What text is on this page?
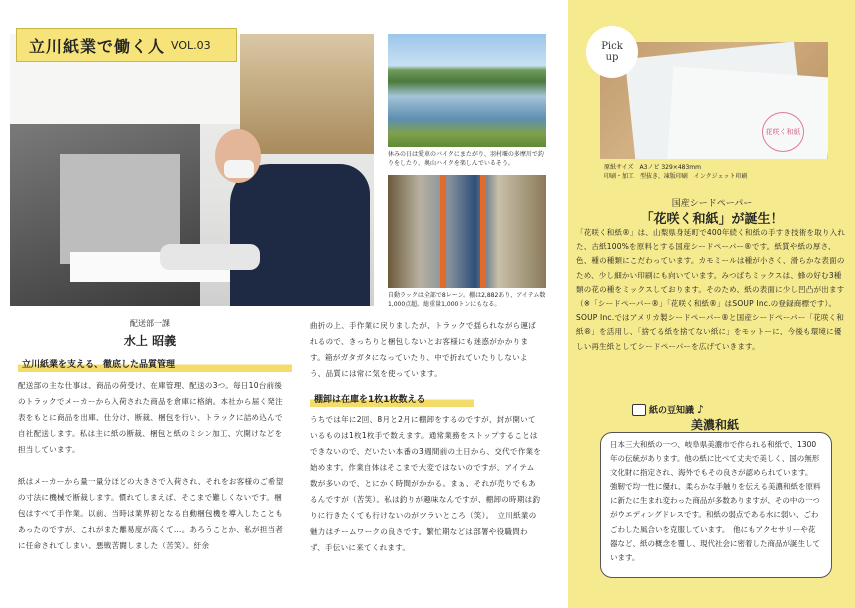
立川紙業で働く人 VOL.03
休みの日は愛車のバイクにまたがり、羽村堰の多摩川で釣りをしたり、奥山ハイクを楽しんでいるそう。
自動ラックは全部で8レーン。棚は2,882あり、アイテム数1,000点超。総重量1,000トンにもなる。
配送部一課
水上 昭義
立川紙業を支える、徹底した品質管理
配送部の主な仕事は、商品の荷受け、在庫管理、配送の3つ。毎日10台前後のトラックでメーカーから入荷された商品を倉庫に格納。本社から届く発注表をもとに商品を出庫、仕分け、断裁、梱包を行い、トラックに詰め込んで自社配送します。私は主に紙の断裁、梱包と紙のミシン加工、穴開けなどを担当しています。
紙はメーカーから量一量分ほどの大きさで入荷され、それをお客様のご希望の寸法に機械で断裁します。慣れてしまえば、そこまで難しくないです。梱包はすべて手作業。以前、当時は業界初となる自動梱包機を導入したこともあったのですが、これがまた離易度が高くて…。あろうことか、私が担当者に任命されてしまい、悪戦苦闘しました（苦笑）。紆余
曲折の上、手作業に戻りましたが、トラックで揺られながら運ばれるので、きっちりと梱包しないとお客様にも迷惑がかかります。箱がガタガタになっていたり、中で折れていたりしないよう、品質には常に気を使っています。
棚卸は在庫を1枚1枚数える
うちでは年に2回、8月と2月に棚卸をするのですが、封が開いているものは1枚1枚手で数えます。通常業務をストップすることはできないので、だいたい本番の3週間前の土日から、交代で作業を始めます。作業自体はそこまで大変ではないのですが、アイテム数が多いので、とにかく時間がかかる。まぁ、それが売りでもあるんですが（苦笑）。私は釣りが趣味なんですが、棚卸の時期は釣りに行きたくても行けないのがツラいところ（笑）。　立川紙業の魅力はチームワークの良さです。繁忙期などは部署や役職問わず、手伝いに来てくれます。
花咲く和紙
Pick
up
原紙サイズ　A3ノビ 329×483mm
印刷・加工　型抜き、凍版印刷　インクジェット印刷
国産シードペーパー
「花咲く和紙」が誕生！
「花咲く和紙®」は、山梨県身延町で400年続く和紙の手すき技術を取り入れた、古紙100%を原料とする国産シードペーパー®です。紙質や紙の厚さ、色、種の種類にこだわっています。カモミールは種が小さく、滑らかな表面のため、少し細かい印刷にも向いています。みつばちミックスは、蜂の好む3種類の花の種をミックスしております。そのため、紙の表面に少し凹凸が出ます（※「シードペーパー®」「花咲く和紙®」はSOUP Inc.の登録商標です）。SOUP Inc.ではアメリカ製シードペーパー®と国産シードペーパー「花咲く和紙®」を活用し、「捨てる紙を捨てない紙に」をモットーに、今後も環境に優しい再生紙としてシードペーパーを広げていきます。
紙の豆知識 ♪
美濃和紙
日本三大和紙の一つ、岐阜県美濃市で作られる和紙で、1300年の伝統があります。他の紙に比べて丈夫で美しく、国の無形文化財に指定され、海外でもその良さが認められています。　強靭で均一性に優れ、柔らかな手触りを伝える美濃和紙を原料に新たに生まれ変わった商品が多数ありますが、その中の一つがウエディングドレスです。和紙の弱点である水に弱い、ごわごわした風合いを克服しています。　他にもアクセサリーや花器など、紙の概念を覆し、現代社会に密着した商品が誕生しています。
